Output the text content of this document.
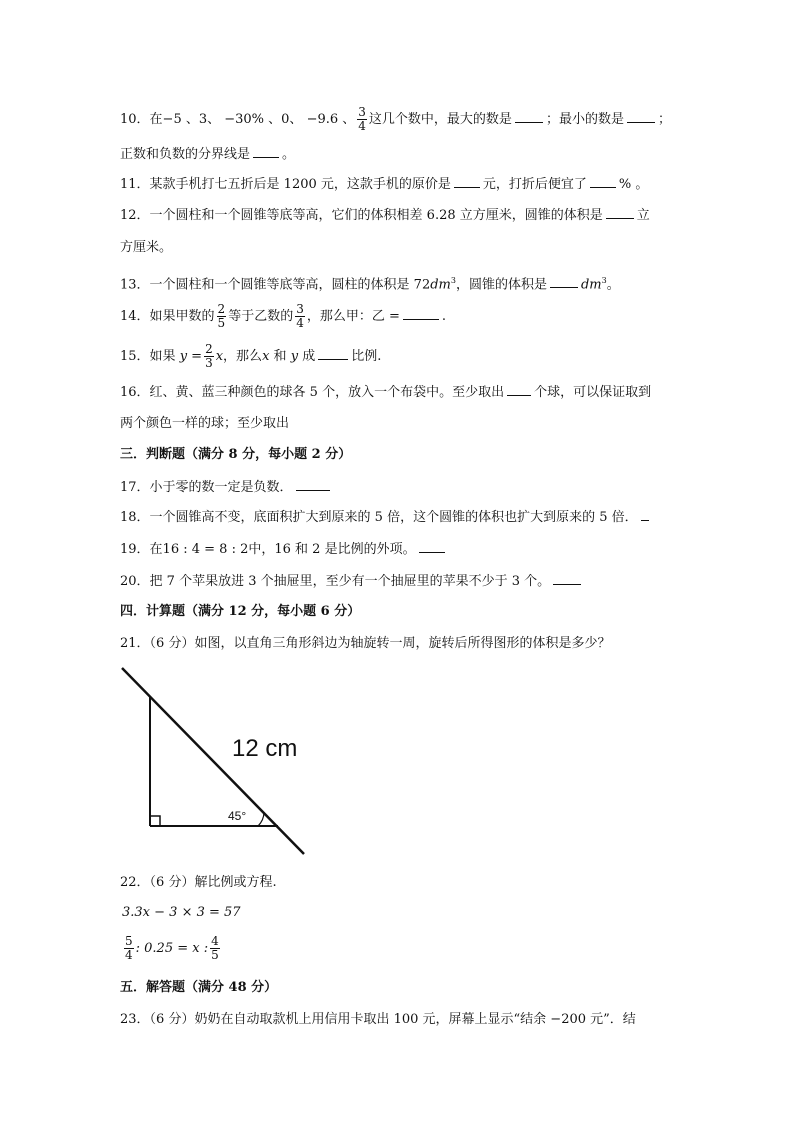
10．在−5 、3、 −30% 、0、 −9.6 、 $\frac{3}{4}$ 这几个数中，最大的数是	；最小的数是	；
正数和负数的分界线是 。
11．某款手机打七五折后是 1200 元，这款手机的原价是 元，打折后便宜了 % 。
12．一个圆柱和一个圆锥等底等高，它们的体积相差 6.28 立方厘米，圆锥的体积是	立
方厘米。
13．一个圆柱和一个圆锥等底等高，圆柱的体积是 $72dm^3$，圆锥的体积是	$dm^3$。
14．如果甲数的 $\frac{2}{5}$ 等于乙数的 $\frac{3}{4}$ ，那么甲：乙 =	.
15．如果 $y = \frac{2}{3}$ x，那么x 和 y 成	比例.
16．红、黄、蓝三种颜色的球各 5 个，放入一个布袋中。至少取出 个球，可以保证取到
两个颜色一样的球；至少取出
三．判断题（满分 8 分，每小题 2 分）
17．小于零的数一定是负数．
18．一个圆锥高不变，底面积扩大到原来的 5 倍，这个圆锥的体积也扩大到原来的 5 倍．
19．在16 : 4 = 8 : 2中，16 和 2 是比例的外项。
20．把 7 个苹果放进 3 个抽屉里，至少有一个抽屉里的苹果不少于 3 个。
四．计算题（满分 12 分，每小题 6 分）
21．（6 分）如图，以直角三角形斜边为轴旋转一周，旋转后所得图形的体积是多少？
12 cm
45°
22．（6 分）解比例或方程.
3.3x − 3 × 3 = 57
$\frac{5}{4}$ : 0.25 = x : $\frac{4}{5}$
五．解答题（满分 48 分）
23．（6 分）奶奶在自动取款机上用信用卡取出 100 元，屏幕上显示“结余 −200 元”．结
